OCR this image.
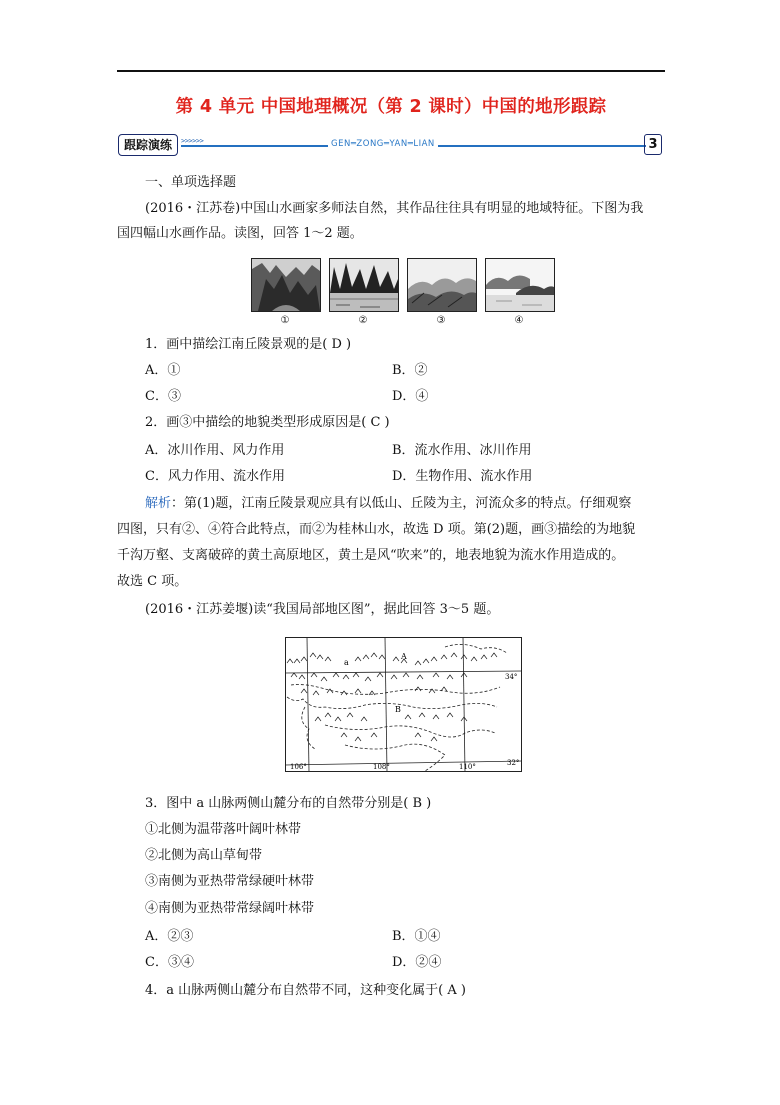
第 4 单元 中国地理概况（第 2 课时）中国的地形跟踪
跟踪演练	>>>>>>	GEN═ZONG═YAN═LIAN	3
一、单项选择题
(2016・江苏卷)中国山水画家多师法自然，其作品往往具有明显的地域特征。下图为我
国四幅山水画作品。读图，回答 1～2 题。
①	②	③	④
1．画中描绘江南丘陵景观的是( D )
A．①	B．②
C．③	D．④
2．画③中描绘的地貌类型形成原因是( C )
A．冰川作用、风力作用	B．流水作用、冰川作用
C．风力作用、流水作用	D．生物作用、流水作用
解析：第(1)题，江南丘陵景观应具有以低山、丘陵为主，河流众多的特点。仔细观察
四图，只有②、④符合此特点，而②为桂林山水，故选 D 项。第(2)题，画③描绘的为地貌
千沟万壑、支离破碎的黄土高原地区，黄土是风“吹来”的，地表地貌为流水作用造成的。
故选 C 项。
(2016・江苏姜堰)读“我国局部地区图”，据此回答 3～5 题。
a
A
B
34°
32°
106°	108°	110°
3．图中 a 山脉两侧山麓分布的自然带分别是( B )
①北侧为温带落叶阔叶林带
②北侧为高山草甸带
③南侧为亚热带常绿硬叶林带
④南侧为亚热带常绿阔叶林带
A．②③	B．①④
C．③④	D．②④
4．a 山脉两侧山麓分布自然带不同，这种变化属于( A )
